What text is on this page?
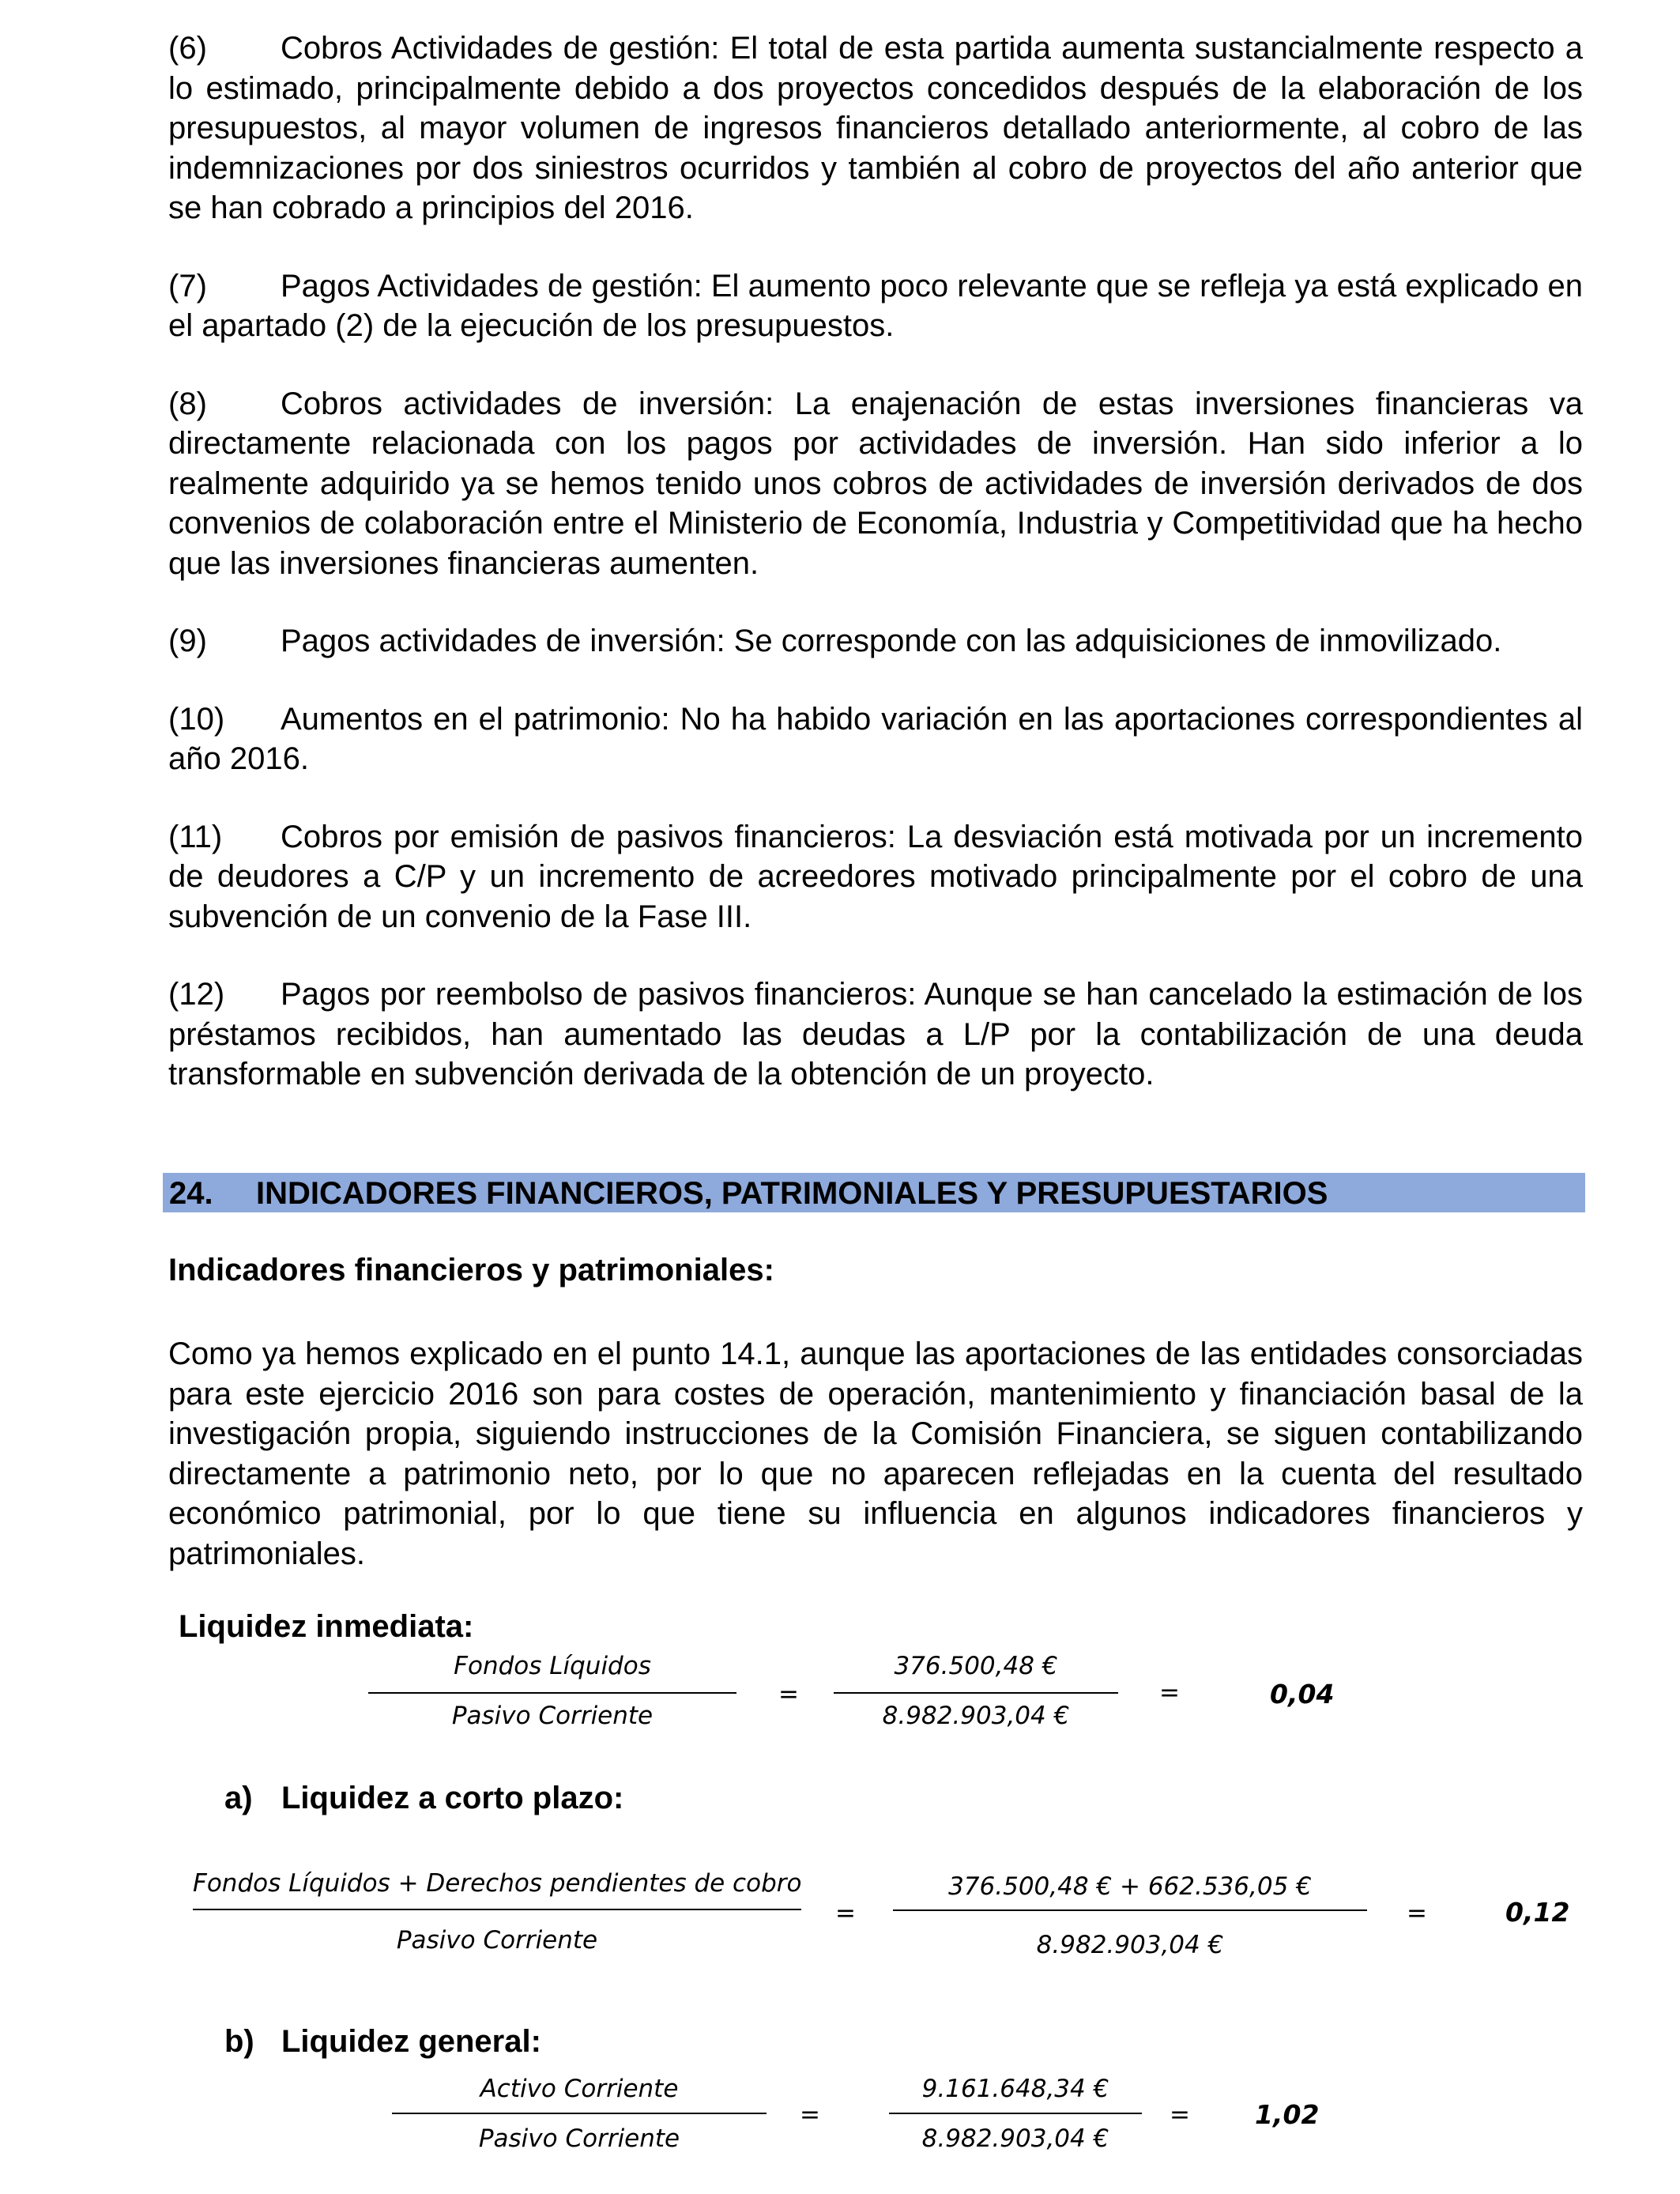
(6) Cobros Actividades de gestión: El total de esta partida aumenta sustancialmente respecto a lo estimado, principalmente debido a dos proyectos concedidos después de la elaboración de los presupuestos, al mayor volumen de ingresos financieros detallado anteriormente, al cobro de las indemnizaciones por dos siniestros ocurridos y también al cobro de proyectos del año anterior que se han cobrado a principios del 2016.

(7) Pagos Actividades de gestión: El aumento poco relevante que se refleja ya está explicado en el apartado (2) de la ejecución de los presupuestos.

(8) Cobros actividades de inversión: La enajenación de estas inversiones financieras va directamente relacionada con los pagos por actividades de inversión. Han sido inferior a lo realmente adquirido ya se hemos tenido unos cobros de actividades de inversión derivados de dos convenios de colaboración entre el Ministerio de Economía, Industria y Competitividad que ha hecho que las inversiones financieras aumenten.

(9) Pagos actividades de inversión: Se corresponde con las adquisiciones de inmovilizado.

(10) Aumentos en el patrimonio: No ha habido variación en las aportaciones correspondientes al año 2016.

(11) Cobros por emisión de pasivos financieros: La desviación está motivada por un incremento de deudores a C/P y un incremento de acreedores motivado principalmente por el cobro de una subvención de un convenio de la Fase III.

(12) Pagos por reembolso de pasivos financieros: Aunque se han cancelado la estimación de los préstamos recibidos, han aumentado las deudas a L/P por la contabilización de una deuda transformable en subvención derivada de la obtención de un proyecto.

24. INDICADORES FINANCIEROS, PATRIMONIALES Y PRESUPUESTARIOS
Indicadores financieros y patrimoniales:

Como ya hemos explicado en el punto 14.1, aunque las aportaciones de las entidades consorciadas para este ejercicio 2016 son para costes de operación, mantenimiento y financiación basal de la investigación propia, siguiendo instrucciones de la Comisión Financiera, se siguen contabilizando directamente a patrimonio neto, por lo que no aparecen reflejadas en la cuenta del resultado económico patrimonial, por lo que tiene su influencia en algunos indicadores financieros y patrimoniales.

Liquidez inmediata:
Fondos Líquidos
Pasivo Corriente
=
376.500,48 €
8.982.903,04 €
=	0,04
a) Liquidez a corto plazo:
Fondos Líquidos + Derechos pendientes de cobro
Pasivo Corriente
=
376.500,48 € + 662.536,05 €
8.982.903,04 €
=	0,12
b) Liquidez general:
Activo Corriente
Pasivo Corriente
=
9.161.648,34 €
8.982.903,04 €
= 1,02
